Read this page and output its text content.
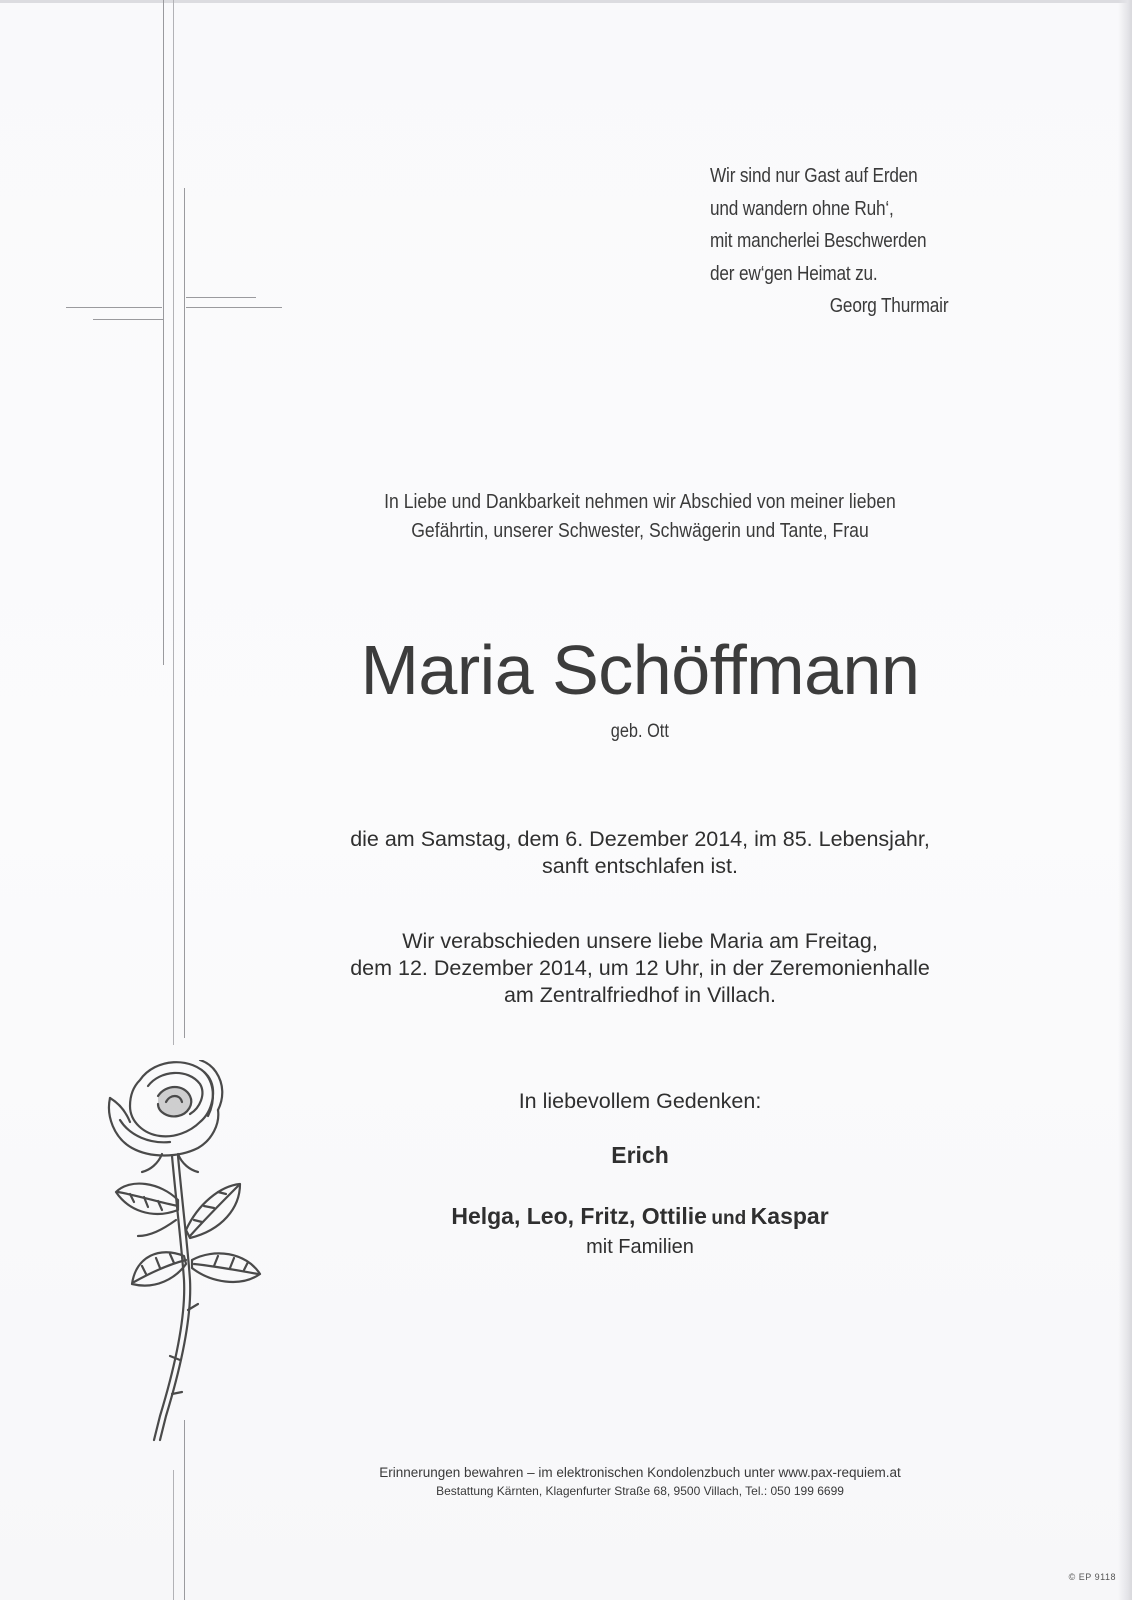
Wir sind nur Gast auf Erden
und wandern ohne Ruh‘,
mit mancherlei Beschwerden
der ew‘gen Heimat zu.
Georg Thurmair
In Liebe und Dankbarkeit nehmen wir Abschied von meiner lieben
Gefährtin, unserer Schwester, Schwägerin und Tante, Frau
Maria Schöffmann
geb. Ott
die am Samstag, dem 6. Dezember 2014, im 85. Lebensjahr,
sanft entschlafen ist.
Wir verabschieden unsere liebe Maria am Freitag,
dem 12. Dezember 2014, um 12 Uhr, in der Zeremonienhalle
am Zentralfriedhof in Villach.
In liebevollem Gedenken:
Erich
Helga, Leo, Fritz, Ottilie und Kaspar
mit Familien
Erinnerungen bewahren – im elektronischen Kondolenzbuch unter www.pax-requiem.at
Bestattung Kärnten, Klagenfurter Straße 68, 9500 Villach, Tel.: 050 199 6699
© EP 9118
